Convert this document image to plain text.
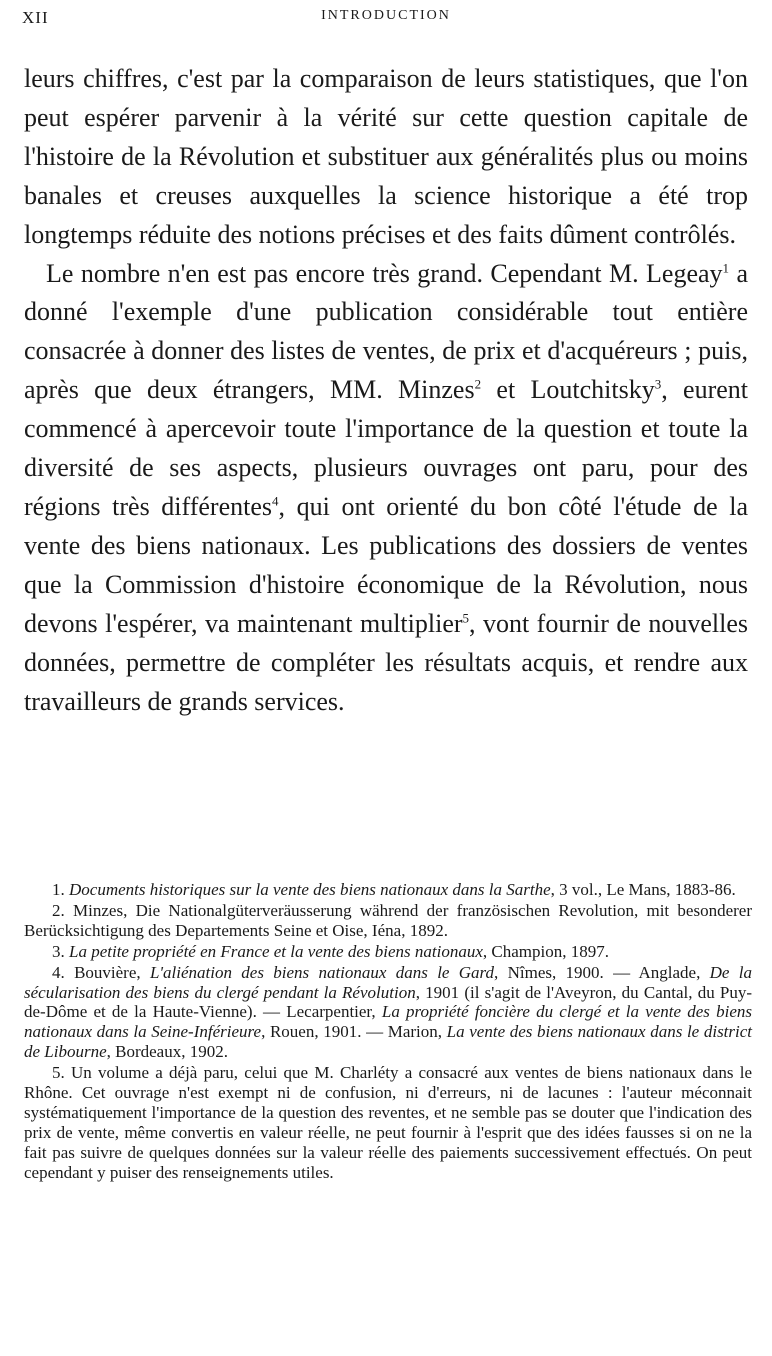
XII	INTRODUCTION

leurs chiffres, c'est par la comparaison de leurs statistiques, que l'on peut espérer parvenir à la vérité sur cette question capitale de l'histoire de la Révolution et substituer aux généralités plus ou moins banales et creuses auxquelles la science historique a été trop longtemps réduite des notions précises et des faits dûment contrôlés.

Le nombre n'en est pas encore très grand. Cependant M. Legeay$^1$ a donné l'exemple d'une publication considérable tout entière consacrée à donner des listes de ventes, de prix et d'acquéreurs ; puis, après que deux étrangers, MM. Minzes$^2$ et Loutchitsky$^3$, eurent commencé à apercevoir toute l'importance de la question et toute la diversité de ses aspects, plusieurs ouvrages ont paru, pour des régions très différentes$^4$, qui ont orienté du bon côté l'étude de la vente des biens nationaux. Les publications des dossiers de ventes que la Commission d'histoire économique de la Révolution, nous devons l'espérer, va maintenant multiplier$^5$, vont fournir de nouvelles données, permettre de compléter les résultats acquis, et rendre aux travailleurs de grands services.

1. Documents historiques sur la vente des biens nationaux dans la Sarthe, 3 vol., Le Mans, 1883-86.

2. Minzes, Die Nationalgüterveräusserung während der französischen Revolution, mit besonderer Berücksichtigung des Departements Seine et Oise, Iéna, 1892.

3. La petite propriété en France et la vente des biens nationaux, Champion, 1897.

4. Bouvière, L'aliénation des biens nationaux dans le Gard, Nîmes, 1900. — Anglade, De la sécularisation des biens du clergé pendant la Révolution, 1901 (il s'agit de l'Aveyron, du Cantal, du Puy-de-Dôme et de la Haute-Vienne). — Lecarpentier, La propriété foncière du clergé et la vente des biens nationaux dans la Seine-Inférieure, Rouen, 1901. — Marion, La vente des biens nationaux dans le district de Libourne, Bordeaux, 1902.

5. Un volume a déjà paru, celui que M. Charléty a consacré aux ventes de biens nationaux dans le Rhône. Cet ouvrage n'est exempt ni de confusion, ni d'erreurs, ni de lacunes : l'auteur méconnait systématiquement l'importance de la question des reventes, et ne semble pas se douter que l'indication des prix de vente, même convertis en valeur réelle, ne peut fournir à l'esprit que des idées fausses si on ne la fait pas suivre de quelques données sur la valeur réelle des paiements successivement effectués. On peut cependant y puiser des renseignements utiles.
